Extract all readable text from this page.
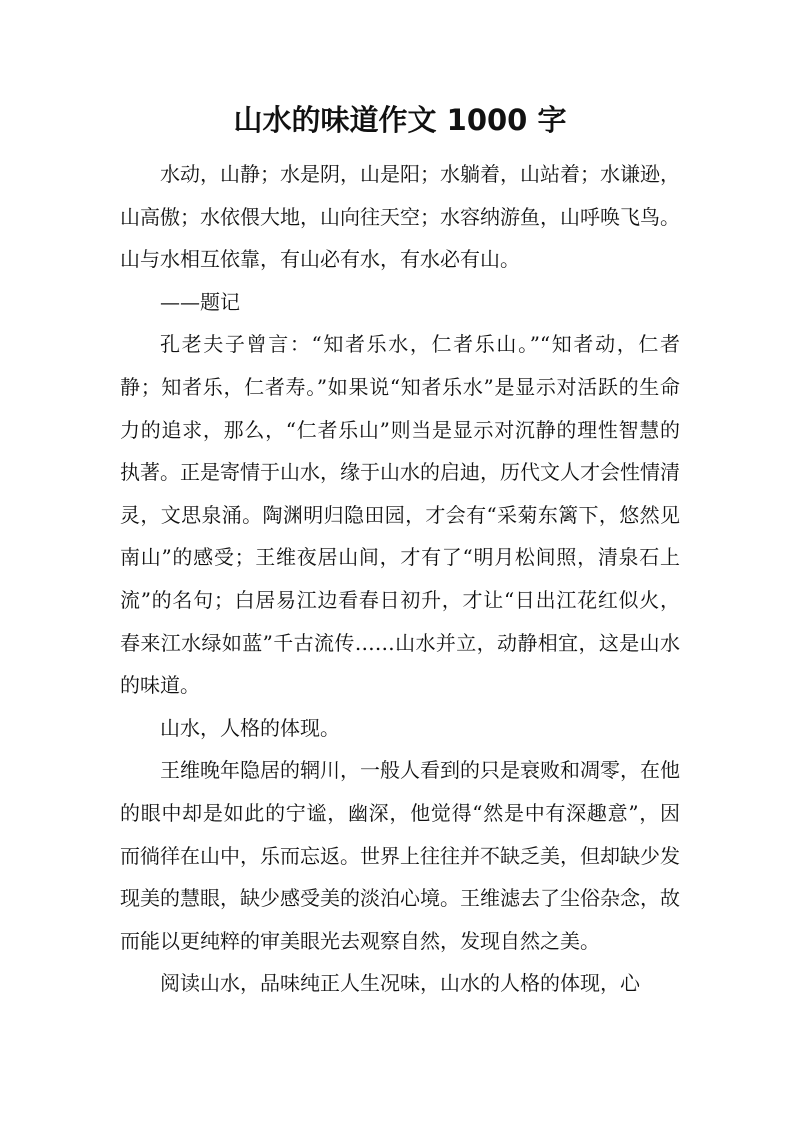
山水的味道作文 1000 字

水动，山静；水是阴，山是阳；水躺着，山站着；水谦逊，山高傲；水依偎大地，山向往天空；水容纳游鱼，山呼唤飞鸟。山与水相互依靠，有山必有水，有水必有山。

——题记

孔老夫子曾言：“知者乐水，仁者乐山。”“知者动，仁者静；知者乐，仁者寿。”如果说“知者乐水”是显示对活跃的生命力的追求，那么，“仁者乐山”则当是显示对沉静的理性智慧的执著。正是寄情于山水，缘于山水的启迪，历代文人才会性情清灵，文思泉涌。陶渊明归隐田园，才会有“采菊东篱下，悠然见南山”的感受；王维夜居山间，才有了“明月松间照，清泉石上流”的名句；白居易江边看春日初升，才让“日出江花红似火，春来江水绿如蓝”千古流传……山水并立，动静相宜，这是山水的味道。

山水，人格的体现。

王维晚年隐居的辋川，一般人看到的只是衰败和凋零，在他的眼中却是如此的宁谧，幽深，他觉得“然是中有深趣意”，因而徜徉在山中，乐而忘返。世界上往往并不缺乏美，但却缺少发现美的慧眼，缺少感受美的淡泊心境。王维滤去了尘俗杂念，故而能以更纯粹的审美眼光去观察自然，发现自然之美。

阅读山水，品味纯正人生况味，山水的人格的体现，心
